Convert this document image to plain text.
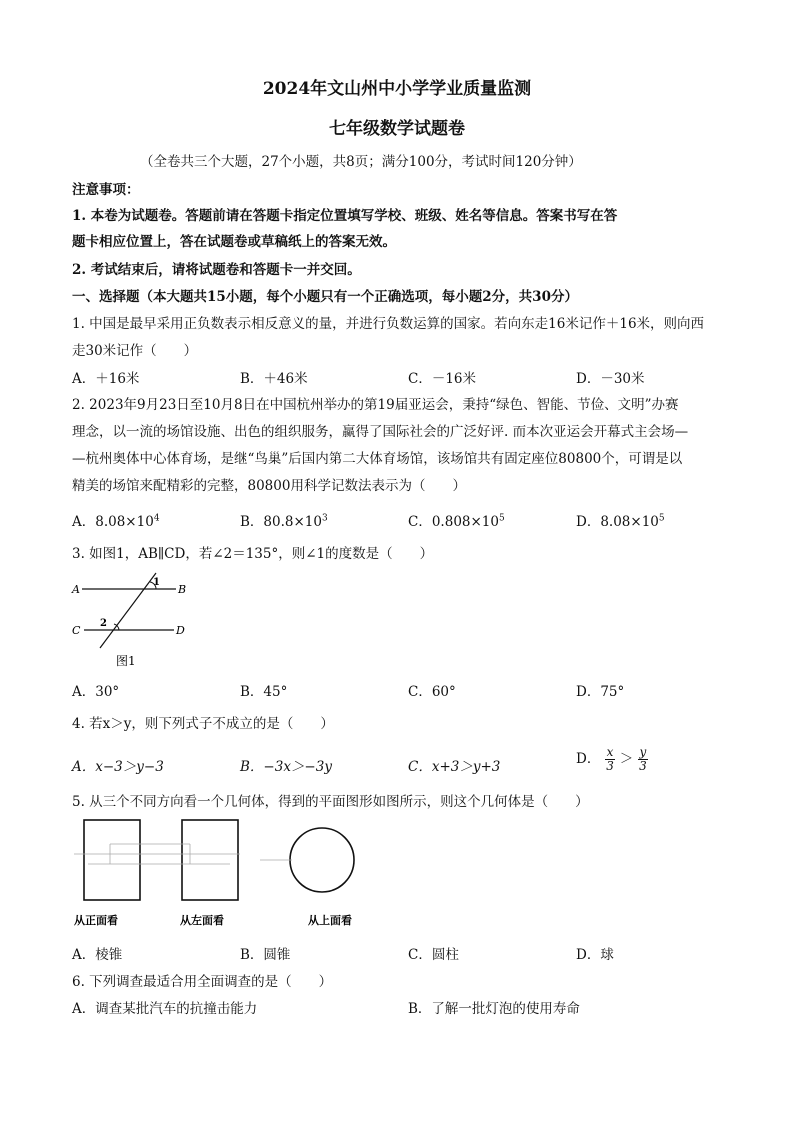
2024年文山州中小学学业质量监测
七年级数学试题卷
（全卷共三个大题，27个小题，共8页；满分100分，考试时间120分钟）
注意事项：
1. 本卷为试题卷。答题前请在答题卡指定位置填写学校、班级、姓名等信息。答案书写在答
题卡相应位置上，答在试题卷或草稿纸上的答案无效。
2. 考试结束后，请将试题卷和答题卡一并交回。
一、选择题（本大题共15小题，每个小题只有一个正确选项，每小题2分，共30分）
1. 中国是最早采用正负数表示相反意义的量，并进行负数运算的国家。若向东走16米记作＋16米，则向西
走30米记作（　　）
A．＋16米	B．＋46米	C．－16米	D．－30米
2. 2023年9月23日至10月8日在中国杭州举办的第19届亚运会，秉持“绿色、智能、节俭、文明”办赛
理念，以一流的场馆设施、出色的组织服务，赢得了国际社会的广泛好评. 而本次亚运会开幕式主会场—
—杭州奥体中心体育场，是继“鸟巢”后国内第二大体育场馆，该场馆共有固定座位80800个，可谓是以
精美的场馆来配精彩的完整，80800用科学记数法表示为（　　）
A．$8.08\times 10^4$	B．$80.8\times 10^3$	C．$0.808\times 10^5$	D．$8.08\times 10^5$
3. 如图1，AB∥CD，若∠2＝135°，则∠1的度数是（　　）
A	B
C	D
1
2
图1
A．30°	B．45°	C．60°	D．75°
4. 若x＞y，则下列式子不成立的是（　　）
A．x−3＞y−3	B．−3x＞−3y	C．x+3＞y+3	D． $\frac{x}{3} > \frac{y}{3}$
5. 从三个不同方向看一个几何体，得到的平面图形如图所示，则这个几何体是（　　）
从正面看	从左面看	从上面看
A．棱锥	B．圆锥	C．圆柱	D．球
6. 下列调查最适合用全面调查的是（　　）
A．调查某批汽车的抗撞击能力	B．了解一批灯泡的使用寿命
